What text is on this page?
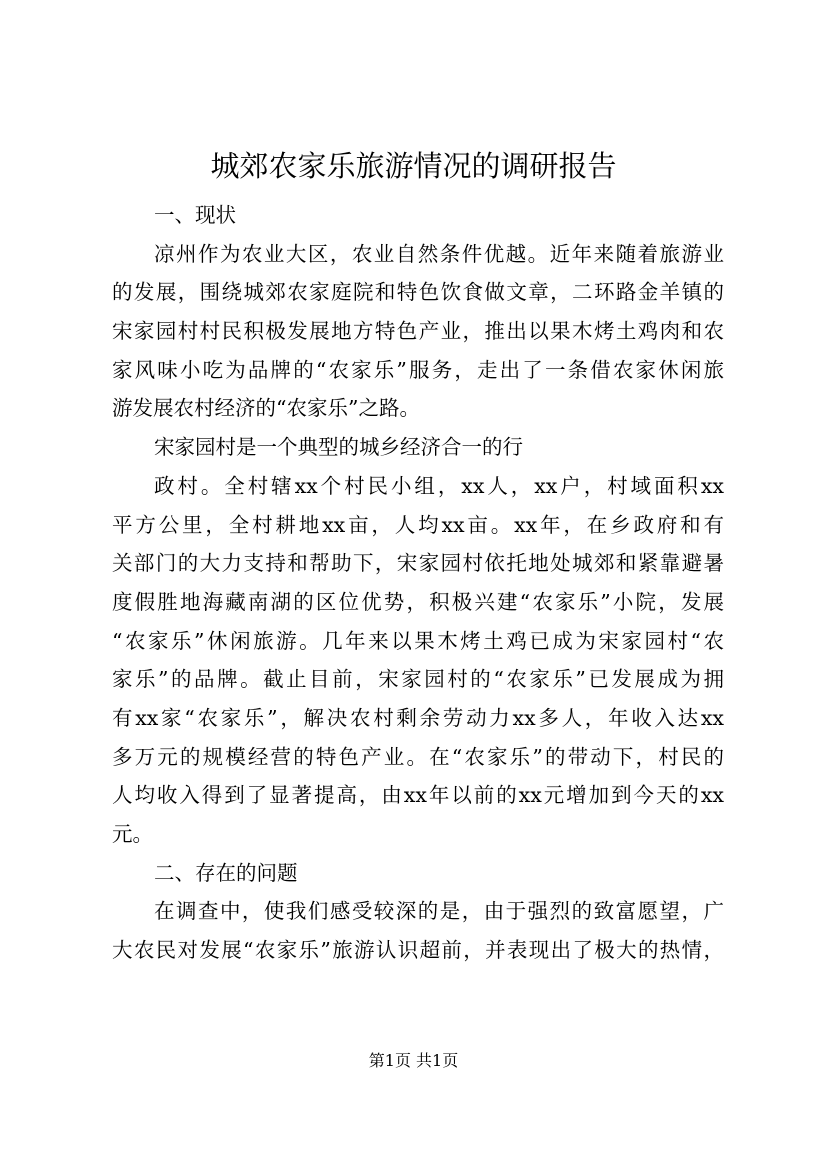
城郊农家乐旅游情况的调研报告
一、现状
凉州作为农业大区，农业自然条件优越。近年来随着旅游业
的发展，围绕城郊农家庭院和特色饮食做文章，二环路金羊镇的
宋家园村村民积极发展地方特色产业，推出以果木烤土鸡肉和农
家风味小吃为品牌的“农家乐”服务，走出了一条借农家休闲旅
游发展农村经济的“农家乐”之路。
宋家园村是一个典型的城乡经济合一的行
政村。全村辖xx个村民小组，xx人，xx户，村域面积xx
平方公里，全村耕地xx亩，人均xx亩。xx年，在乡政府和有
关部门的大力支持和帮助下，宋家园村依托地处城郊和紧靠避暑
度假胜地海藏南湖的区位优势，积极兴建“农家乐”小院，发展
“农家乐”休闲旅游。几年来以果木烤土鸡已成为宋家园村“农
家乐”的品牌。截止目前，宋家园村的“农家乐”已发展成为拥
有xx家“农家乐”，解决农村剩余劳动力xx多人，年收入达xx
多万元的规模经营的特色产业。在“农家乐”的带动下，村民的
人均收入得到了显著提高，由xx年以前的xx元增加到今天的xx
元。
二、存在的问题
在调查中，使我们感受较深的是，由于强烈的致富愿望，广
大农民对发展“农家乐”旅游认识超前，并表现出了极大的热情，
第1页 共1页
